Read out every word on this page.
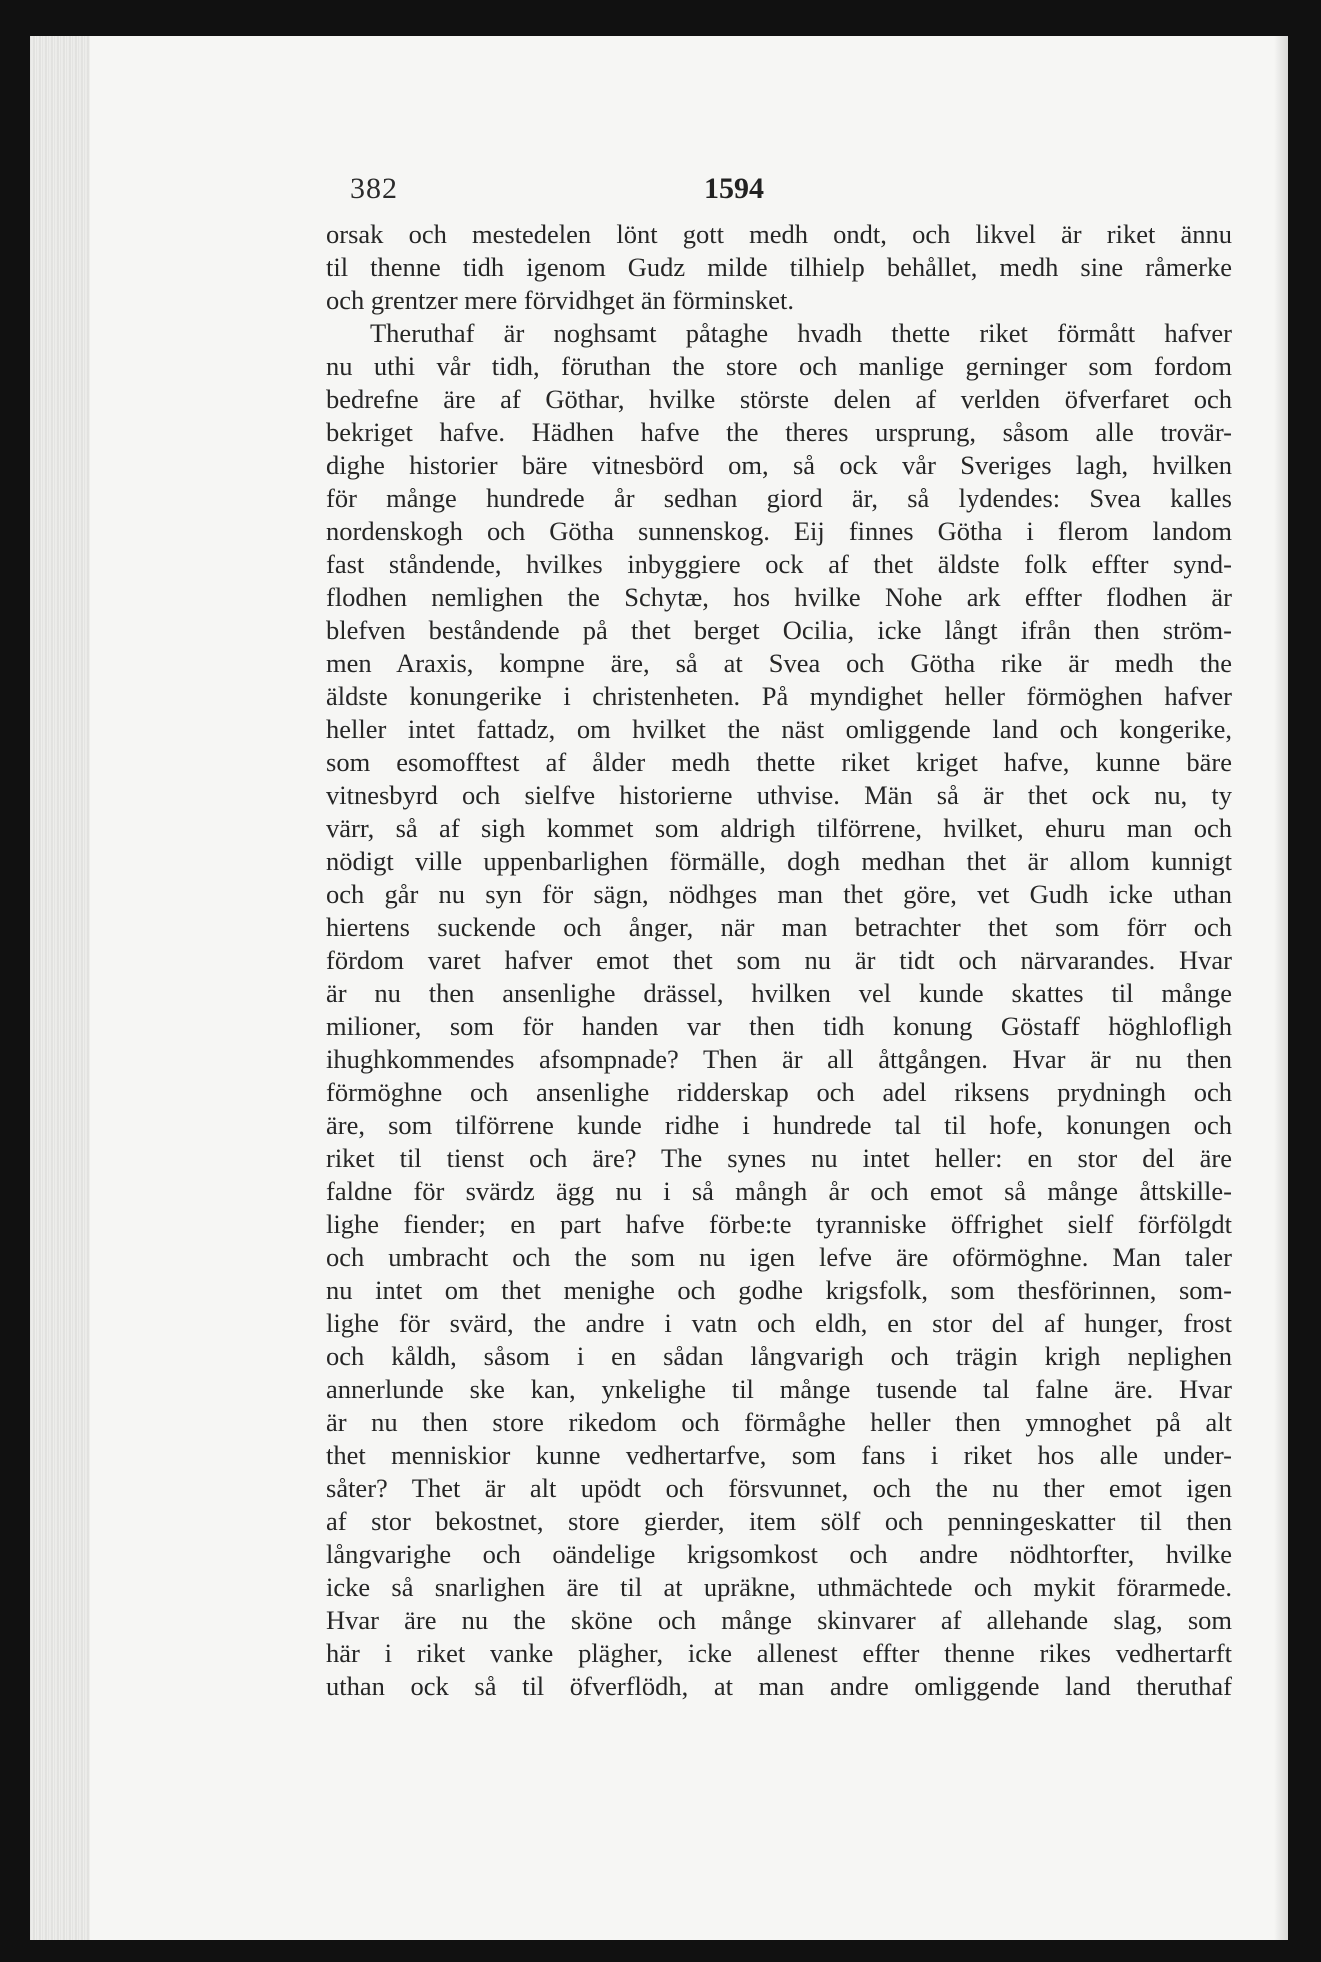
382	1594
orsak och mestedelen lönt gott medh ondt, och likvel är riket ännu
til thenne tidh igenom Gudz milde tilhielp behållet, medh sine råmerke
och grentzer mere förvidhget än förminsket.
Theruthaf är noghsamt påtaghe hvadh thette riket förmått hafver
nu uthi vår tidh, föruthan the store och manlige gerninger som fordom
bedrefne äre af Göthar, hvilke störste delen af verlden öfverfaret och
bekriget hafve. Hädhen hafve the theres ursprung, såsom alle trovär-
dighe historier bäre vitnesbörd om, så ock vår Sveriges lagh, hvilken
för månge hundrede år sedhan giord är, så lydendes: Svea kalles
nordenskogh och Götha sunnenskog. Eij finnes Götha i flerom landom
fast ståndende, hvilkes inbyggiere ock af thet äldste folk effter synd-
flodhen nemlighen the Schytæ, hos hvilke Nohe ark effter flodhen är
blefven beståndende på thet berget Ocilia, icke långt ifrån then ström-
men Araxis, kompne äre, så at Svea och Götha rike är medh the
äldste konungerike i christenheten. På myndighet heller förmöghen hafver
heller intet fattadz, om hvilket the näst omliggende land och kongerike,
som esomofftest af ålder medh thette riket kriget hafve, kunne bäre
vitnesbyrd och sielfve historierne uthvise. Män så är thet ock nu, ty
värr, så af sigh kommet som aldrigh tilförrene, hvilket, ehuru man och
nödigt ville uppenbarlighen förmälle, dogh medhan thet är allom kunnigt
och går nu syn för sägn, nödhges man thet göre, vet Gudh icke uthan
hiertens suckende och ånger, när man betrachter thet som förr och
fördom varet hafver emot thet som nu är tidt och närvarandes. Hvar
är nu then ansenlighe drässel, hvilken vel kunde skattes til månge
milioner, som för handen var then tidh konung Göstaff höghlofligh
ihughkommendes afsompnade? Then är all åttgången. Hvar är nu then
förmöghne och ansenlighe ridderskap och adel riksens prydningh och
äre, som tilförrene kunde ridhe i hundrede tal til hofe, konungen och
riket til tienst och äre? The synes nu intet heller: en stor del äre
faldne för svärdz ägg nu i så mångh år och emot så månge åttskille-
lighe fiender; en part hafve förbe:te tyranniske öffrighet sielf förfölgdt
och umbracht och the som nu igen lefve äre oförmöghne. Man taler
nu intet om thet menighe och godhe krigsfolk, som thesförinnen, som-
lighe för svärd, the andre i vatn och eldh, en stor del af hunger, frost
och kåldh, såsom i en sådan långvarigh och trägin krigh neplighen
annerlunde ske kan, ynkelighe til månge tusende tal falne äre. Hvar
är nu then store rikedom och förmåghe heller then ymnoghet på alt
thet menniskior kunne vedhertarfve, som fans i riket hos alle under-
såter? Thet är alt upödt och försvunnet, och the nu ther emot igen
af stor bekostnet, store gierder, item sölf och penningeskatter til then
långvarighe och oändelige krigsomkost och andre nödhtorfter, hvilke
icke så snarlighen äre til at upräkne, uthmächtede och mykit förarmede.
Hvar äre nu the sköne och månge skinvarer af allehande slag, som
här i riket vanke plägher, icke allenest effter thenne rikes vedhertarft
uthan ock så til öfverflödh, at man andre omliggende land theruthaf
